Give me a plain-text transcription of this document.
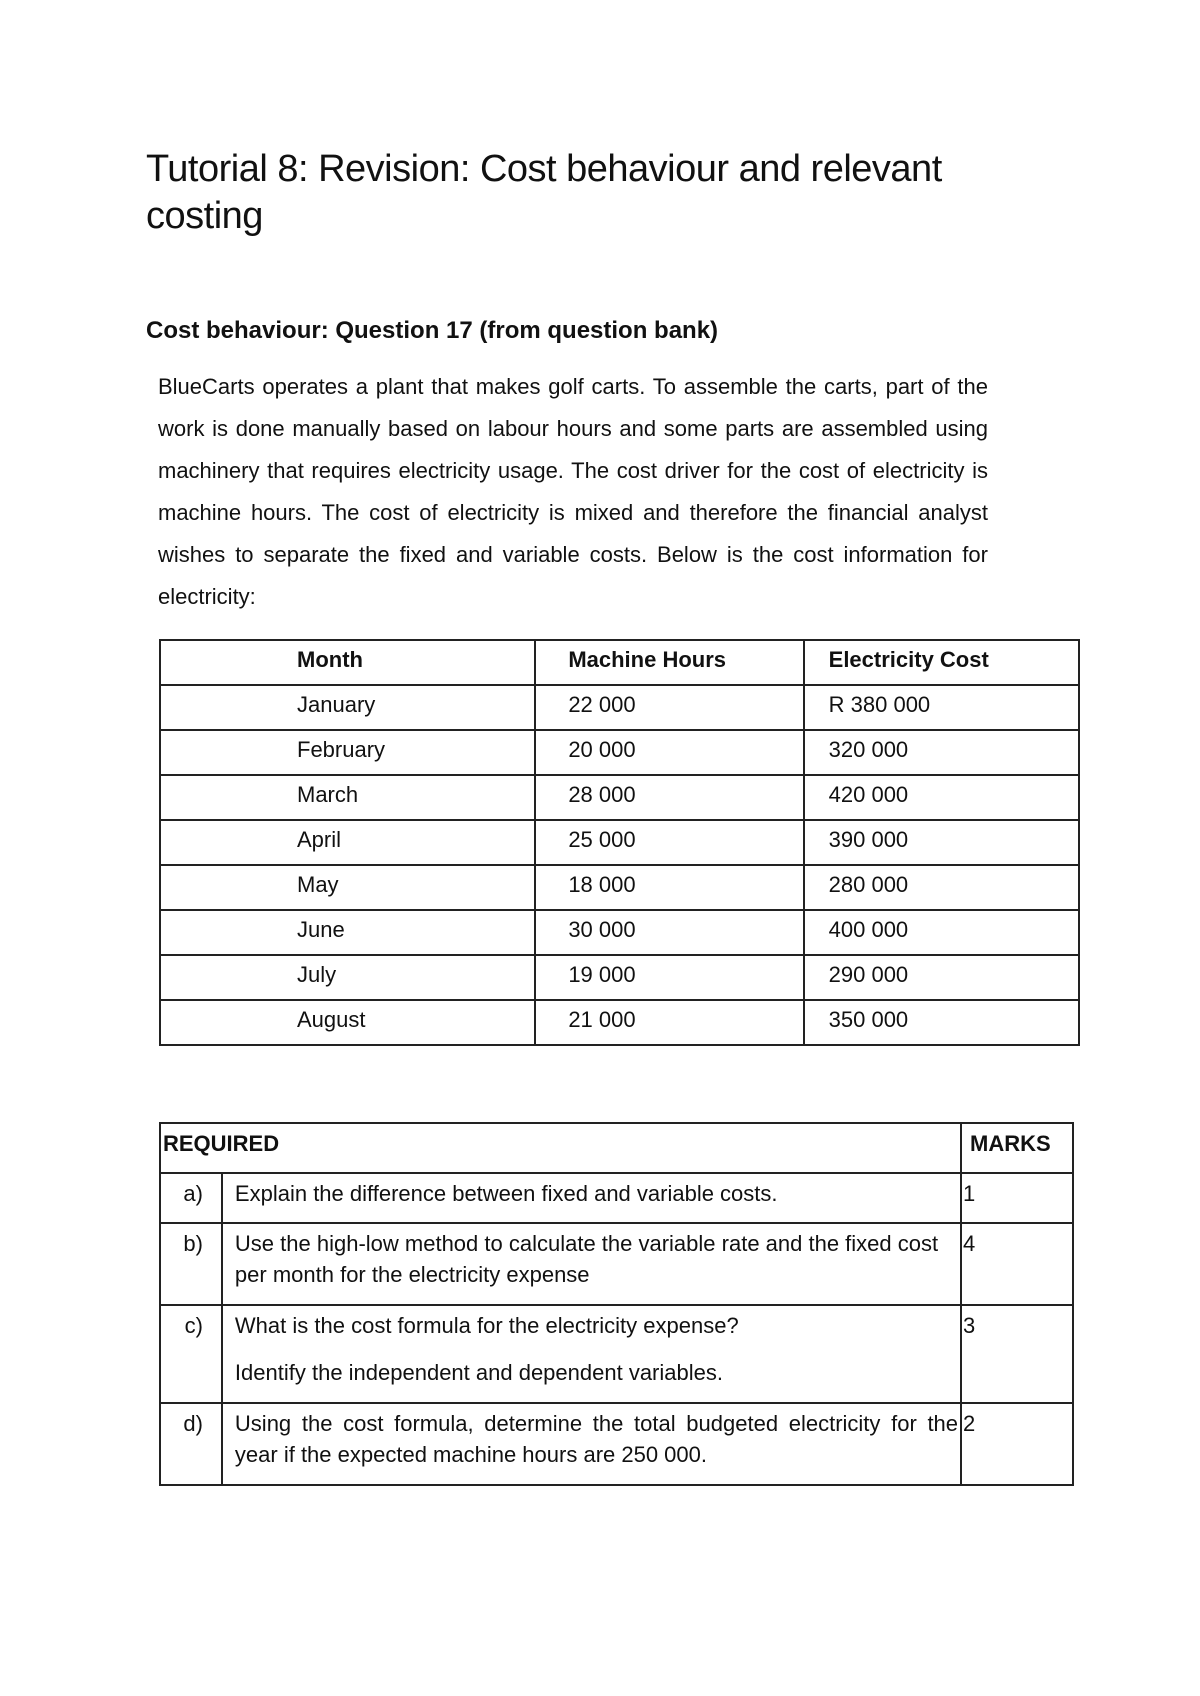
Tutorial 8: Revision: Cost behaviour and relevant costing
Cost behaviour: Question 17 (from question bank)

BlueCarts operates a plant that makes golf carts. To assemble the carts, part of the work is done manually based on labour hours and some parts are assembled using machinery that requires electricity usage. The cost driver for the cost of electricity is machine hours. The cost of electricity is mixed and therefore the financial analyst wishes to separate the fixed and variable costs. Below is the cost information for electricity:

Month	Machine Hours	Electricity Cost
January	22 000	R 380 000
February	20 000	320 000
March	28 000	420 000
April	25 000	390 000
May	18 000	280 000
June	30 000	400 000
July	19 000	290 000
August	21 000	350 000
REQUIRED		MARKS
a)	Explain the difference between fixed and variable costs.	1
b)	Use the high-low method to calculate the variable rate and the fixed cost per month for the electricity expense	4
c)	What is the cost formula for the electricity expense?
Identify the independent and dependent variables.	3
d)	Using the cost formula, determine the total budgeted electricity for the year if the expected machine hours are 250 000.	2
